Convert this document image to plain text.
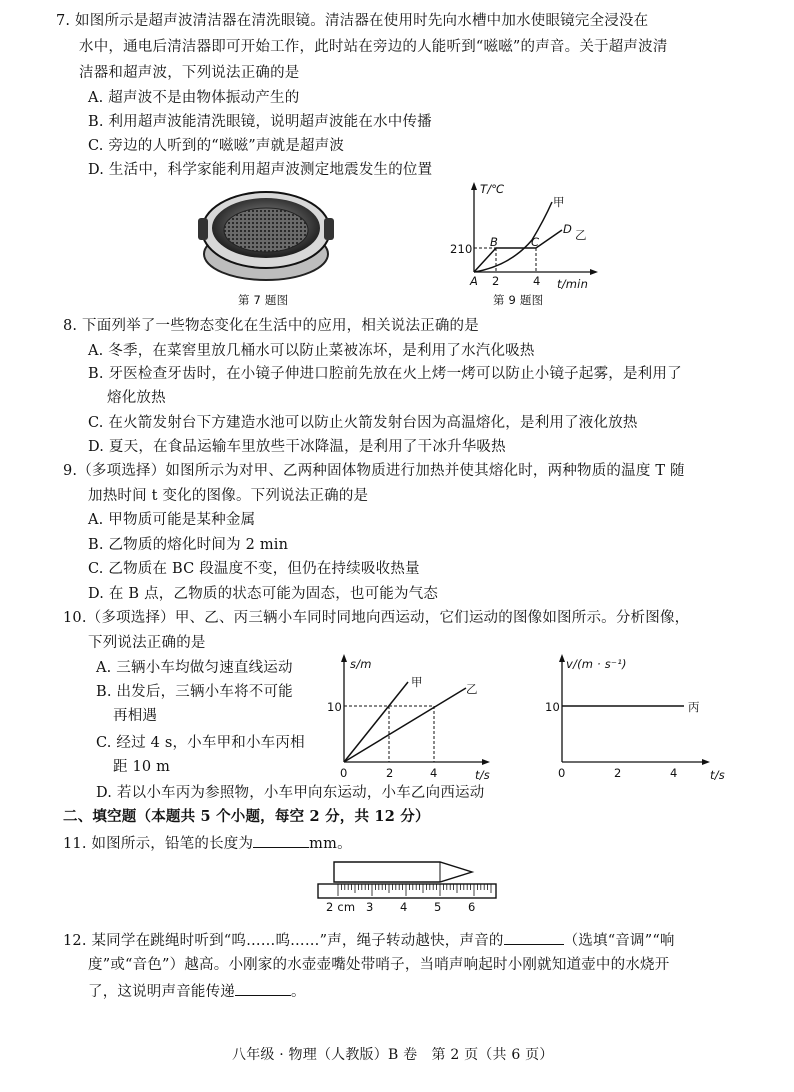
7. 如图所示是超声波清洁器在清洗眼镜。清洁器在使用时先向水槽中加水使眼镜完全浸没在
水中，通电后清洁器即可开始工作，此时站在旁边的人能听到“嗞嗞”的声音。关于超声波清
洁器和超声波，下列说法正确的是
A. 超声波不是由物体振动产生的
B. 利用超声波能清洗眼镜，说明超声波能在水中传播
C. 旁边的人听到的“嗞嗞”声就是超声波
D. 生活中，科学家能利用超声波测定地震发生的位置
第 7 题图
T/℃
甲
乙
D
210 B	C
A 2	4 t/min
第 9 题图
8. 下面列举了一些物态变化在生活中的应用，相关说法正确的是
A. 冬季，在菜窖里放几桶水可以防止菜被冻坏，是利用了水汽化吸热
B. 牙医检查牙齿时，在小镜子伸进口腔前先放在火上烤一烤可以防止小镜子起雾，是利用了
熔化放热
C. 在火箭发射台下方建造水池可以防止火箭发射台因为高温熔化，是利用了液化放热
D. 夏天，在食品运输车里放些干冰降温，是利用了干冰升华吸热
9.（多项选择）如图所示为对甲、乙两种固体物质进行加热并使其熔化时，两种物质的温度 T 随
加热时间 t 变化的图像。下列说法正确的是
A. 甲物质可能是某种金属
B. 乙物质的熔化时间为 2 min
C. 乙物质在 BC 段温度不变，但仍在持续吸收热量
D. 在 B 点，乙物质的状态可能为固态，也可能为气态
10.（多项选择）甲、乙、丙三辆小车同时同地向西运动，它们运动的图像如图所示。分析图像，
下列说法正确的是
A. 三辆小车均做匀速直线运动
B. 出发后，三辆小车将不可能
再相遇
C. 经过 4 s，小车甲和小车丙相
距 10 m
s/m
甲	乙
10
0	2	4	t/s
v/(m · s⁻¹)
丙
10
0	2	4	t/s
D. 若以小车丙为参照物，小车甲向东运动，小车乙向西运动
二、填空题（本题共 5 个小题，每空 2 分，共 12 分）
11. 如图所示，铅笔的长度为	mm。
2 cm 3 4 5 6
12. 某同学在跳绳时听到“呜……呜……”声，绳子转动越快，声音的	（选填“音调”“响
度”或“音色”）越高。小刚家的水壶壶嘴处带哨子，当哨声响起时小刚就知道壶中的水烧开
了，这说明声音能传递	。
八年级 · 物理（人教版）B 卷　第 2 页（共 6 页）
